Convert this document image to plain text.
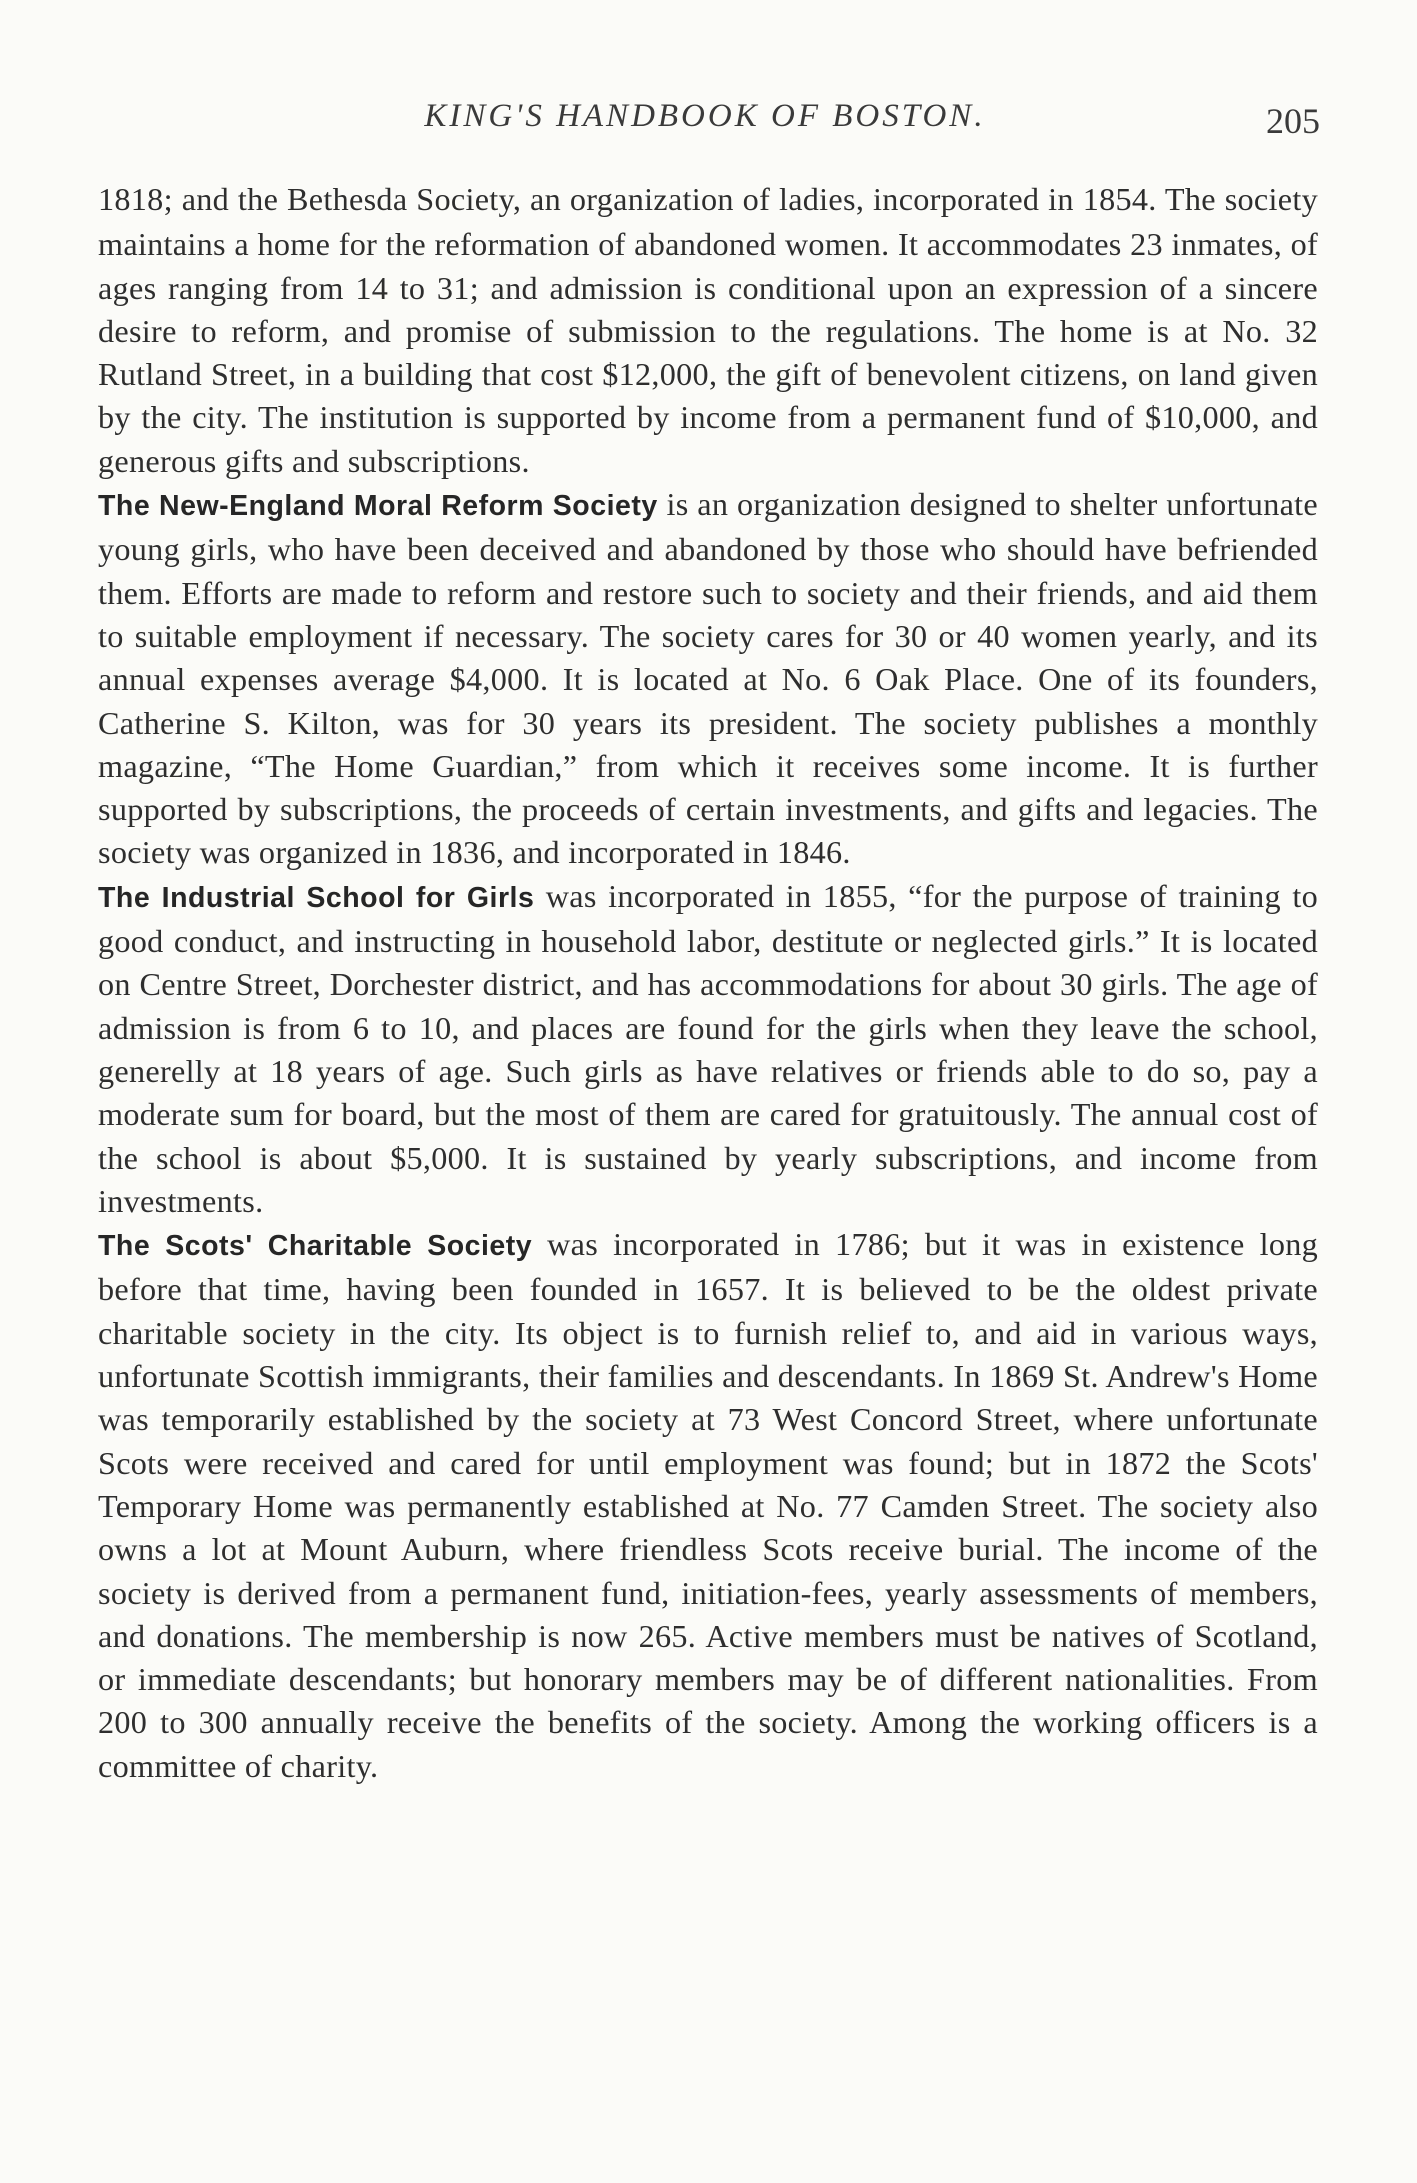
KING'S HANDBOOK OF BOSTON.	205

1818; and the Bethesda Society, an organization of ladies, incorporated in 1854. The society maintains a home for the reformation of abandoned women. It accommodates 23 inmates, of ages ranging from 14 to 31; and admission is conditional upon an expression of a sincere desire to reform, and promise of submission to the regulations. The home is at No. 32 Rutland Street, in a building that cost $12,000, the gift of benevolent citizens, on land given by the city. The institution is supported by income from a permanent fund of $10,000, and generous gifts and subscriptions.

The New-England Moral Reform Society is an organization designed to shelter unfortunate young girls, who have been deceived and abandoned by those who should have befriended them. Efforts are made to reform and restore such to society and their friends, and aid them to suitable employment if necessary. The society cares for 30 or 40 women yearly, and its annual expenses average $4,000. It is located at No. 6 Oak Place. One of its founders, Catherine S. Kilton, was for 30 years its president. The society publishes a monthly magazine, “The Home Guardian,” from which it receives some income. It is further supported by subscriptions, the proceeds of certain investments, and gifts and legacies. The society was organized in 1836, and incorporated in 1846.

The Industrial School for Girls was incorporated in 1855, “for the purpose of training to good conduct, and instructing in household labor, destitute or neglected girls.” It is located on Centre Street, Dorchester district, and has accommodations for about 30 girls. The age of admission is from 6 to 10, and places are found for the girls when they leave the school, generelly at 18 years of age. Such girls as have relatives or friends able to do so, pay a moderate sum for board, but the most of them are cared for gratuitously. The annual cost of the school is about $5,000. It is sustained by yearly subscriptions, and income from investments.

The Scots' Charitable Society was incorporated in 1786; but it was in existence long before that time, having been founded in 1657. It is believed to be the oldest private charitable society in the city. Its object is to furnish relief to, and aid in various ways, unfortunate Scottish immigrants, their families and descendants. In 1869 St. Andrew's Home was temporarily established by the society at 73 West Concord Street, where unfortunate Scots were received and cared for until employment was found; but in 1872 the Scots' Temporary Home was permanently established at No. 77 Camden Street. The society also owns a lot at Mount Auburn, where friendless Scots receive burial. The income of the society is derived from a permanent fund, initiation-fees, yearly assessments of members, and donations. The membership is now 265. Active members must be natives of Scotland, or immediate descendants; but honorary members may be of different nationalities. From 200 to 300 annually receive the benefits of the society. Among the working officers is a committee of charity.
